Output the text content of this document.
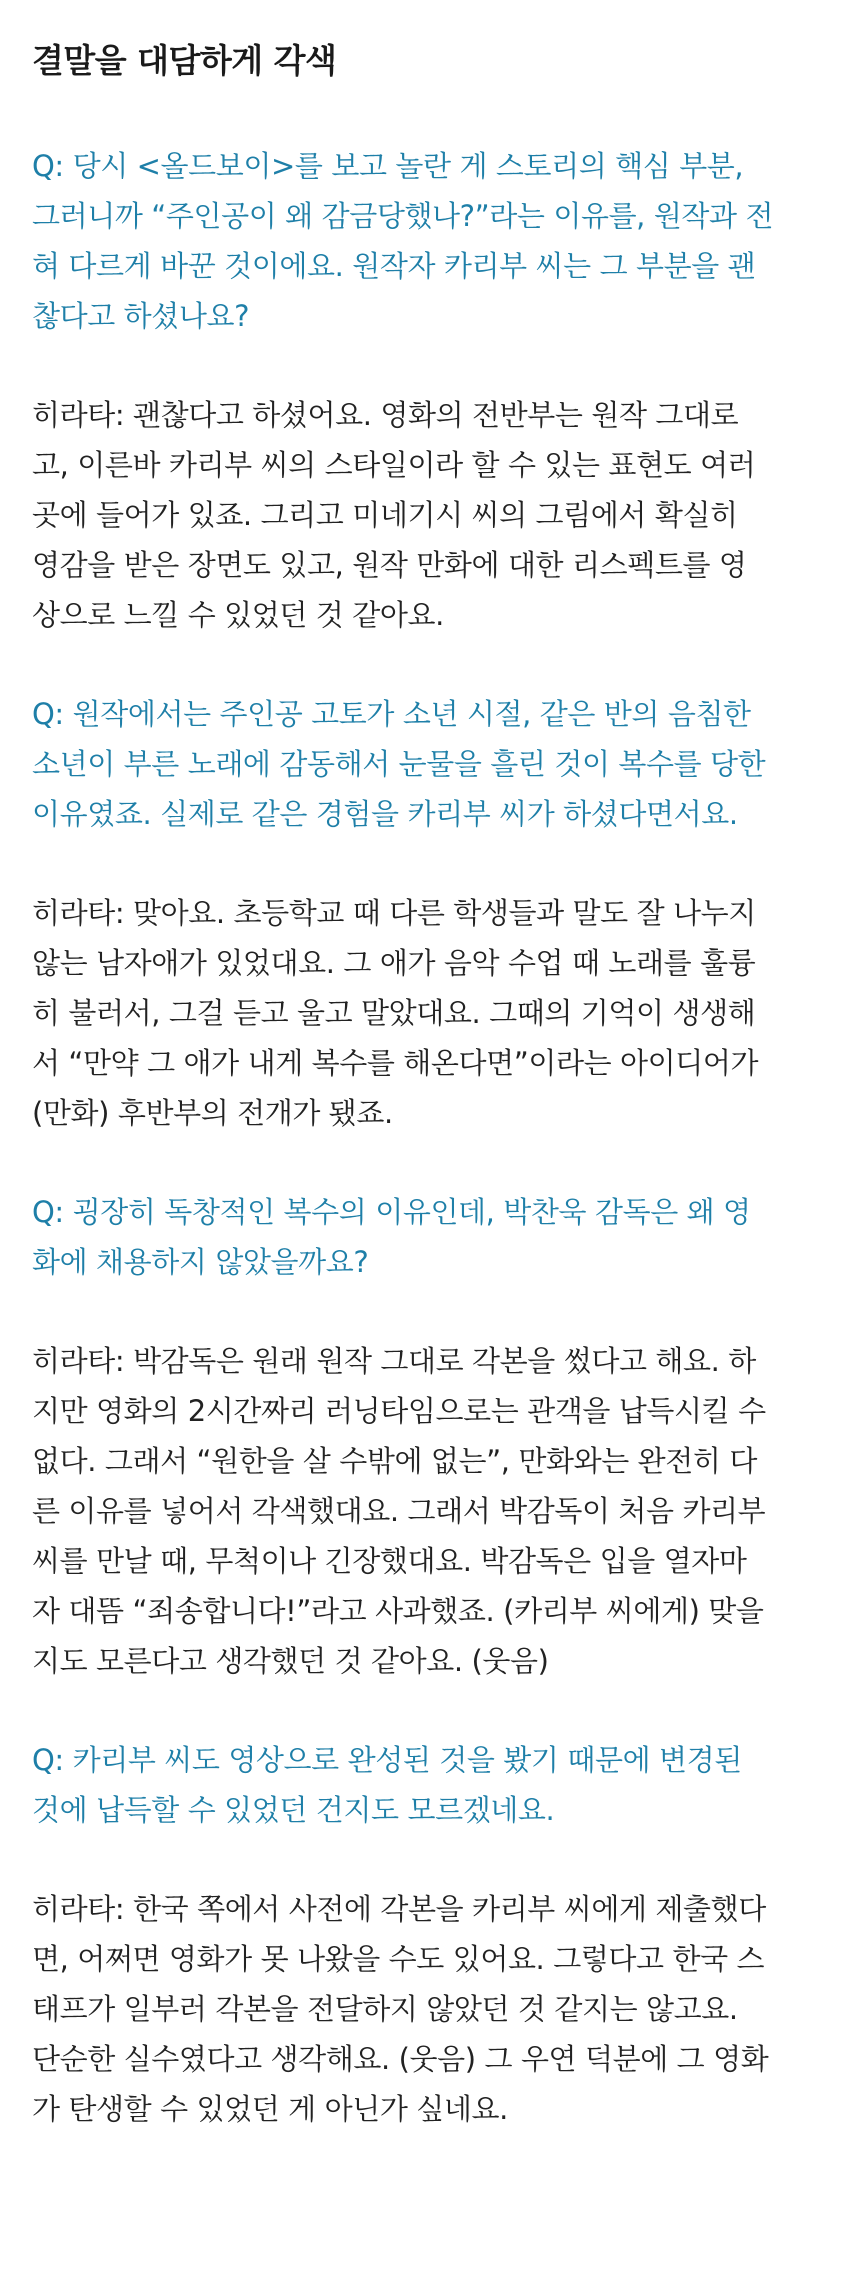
결말을 대담하게 각색

Q: 당시 <올드보이>를 보고 놀란 게 스토리의 핵심 부분,
그러니까 “주인공이 왜 감금당했나?”라는 이유를, 원작과 전
혀 다르게 바꾼 것이에요. 원작자 카리부 씨는 그 부분을 괜
찮다고 하셨나요?

히라타: 괜찮다고 하셨어요. 영화의 전반부는 원작 그대로
고, 이른바 카리부 씨의 스타일이라 할 수 있는 표현도 여러
곳에 들어가 있죠. 그리고 미네기시 씨의 그림에서 확실히
영감을 받은 장면도 있고, 원작 만화에 대한 리스펙트를 영
상으로 느낄 수 있었던 것 같아요.

Q: 원작에서는 주인공 고토가 소년 시절, 같은 반의 음침한
소년이 부른 노래에 감동해서 눈물을 흘린 것이 복수를 당한
이유였죠. 실제로 같은 경험을 카리부 씨가 하셨다면서요.

히라타: 맞아요. 초등학교 때 다른 학생들과 말도 잘 나누지
않는 남자애가 있었대요. 그 애가 음악 수업 때 노래를 훌륭
히 불러서, 그걸 듣고 울고 말았대요. 그때의 기억이 생생해
서 “만약 그 애가 내게 복수를 해온다면”이라는 아이디어가
(만화) 후반부의 전개가 됐죠.

Q: 굉장히 독창적인 복수의 이유인데, 박찬욱 감독은 왜 영
화에 채용하지 않았을까요?

히라타: 박감독은 원래 원작 그대로 각본을 썼다고 해요. 하
지만 영화의 2시간짜리 러닝타임으로는 관객을 납득시킬 수
없다. 그래서 “원한을 살 수밖에 없는”, 만화와는 완전히 다
른 이유를 넣어서 각색했대요. 그래서 박감독이 처음 카리부
씨를 만날 때, 무척이나 긴장했대요. 박감독은 입을 열자마
자 대뜸 “죄송합니다!”라고 사과했죠. (카리부 씨에게) 맞을
지도 모른다고 생각했던 것 같아요. (웃음)

Q: 카리부 씨도 영상으로 완성된 것을 봤기 때문에 변경된
것에 납득할 수 있었던 건지도 모르겠네요.

히라타: 한국 쪽에서 사전에 각본을 카리부 씨에게 제출했다
면, 어쩌면 영화가 못 나왔을 수도 있어요. 그렇다고 한국 스
태프가 일부러 각본을 전달하지 않았던 것 같지는 않고요.
단순한 실수였다고 생각해요. (웃음) 그 우연 덕분에 그 영화
가 탄생할 수 있었던 게 아닌가 싶네요.
